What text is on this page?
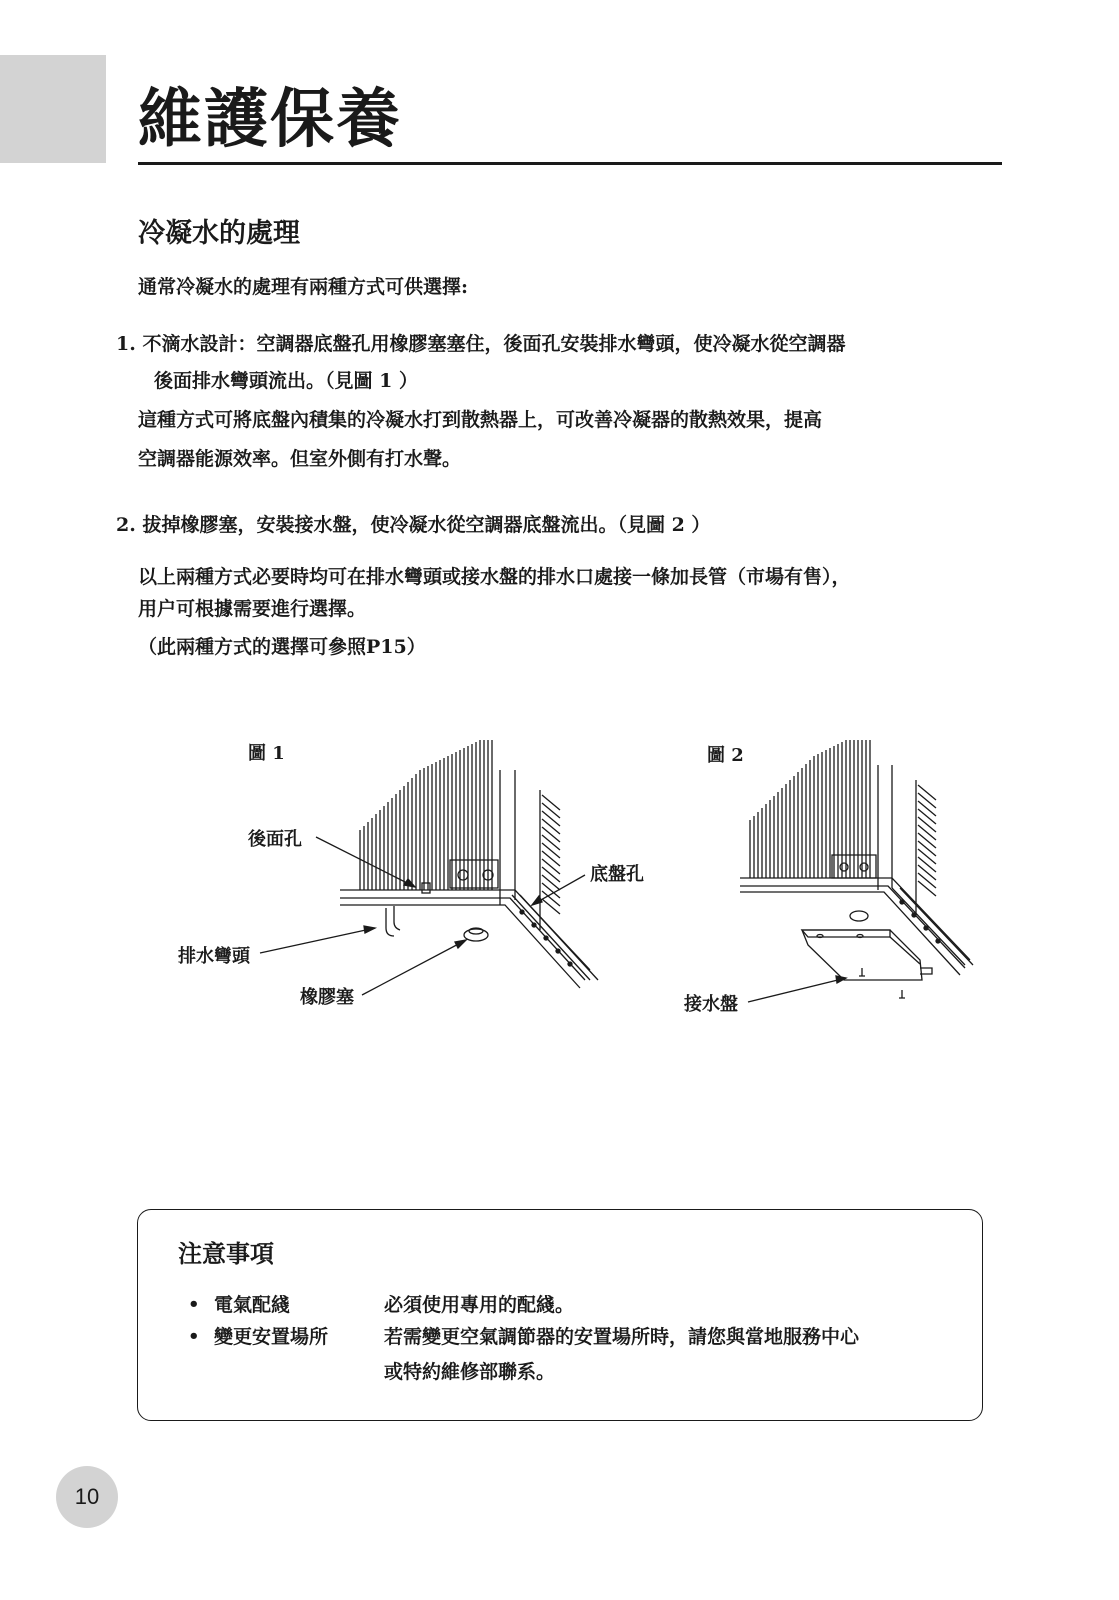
維護保養
冷凝水的處理
通常冷凝水的處理有兩種方式可供選擇:
1. 不滴水設計：空調器底盤孔用橡膠塞塞住，後面孔安裝排水彎頭，使冷凝水從空調器
後面排水彎頭流出。（見圖 1 ）
這種方式可將底盤內積集的冷凝水打到散熱器上，可改善冷凝器的散熱效果，提高
空調器能源效率。但室外側有打水聲。
2. 拔掉橡膠塞，安裝接水盤，使冷凝水從空調器底盤流出。（見圖 2 ）
以上兩種方式必要時均可在排水彎頭或接水盤的排水口處接一條加長管（市場有售），
用户可根據需要進行選擇。
（此兩種方式的選擇可參照P15）
圖 1	圖 2
後面孔
底盤孔
排水彎頭
橡膠塞	接水盤
注意事項
• 電氣配綫	必須使用專用的配綫。
• 變更安置場所	若需變更空氣調節器的安置場所時，請您與當地服務中心
或特約維修部聯系。
10
